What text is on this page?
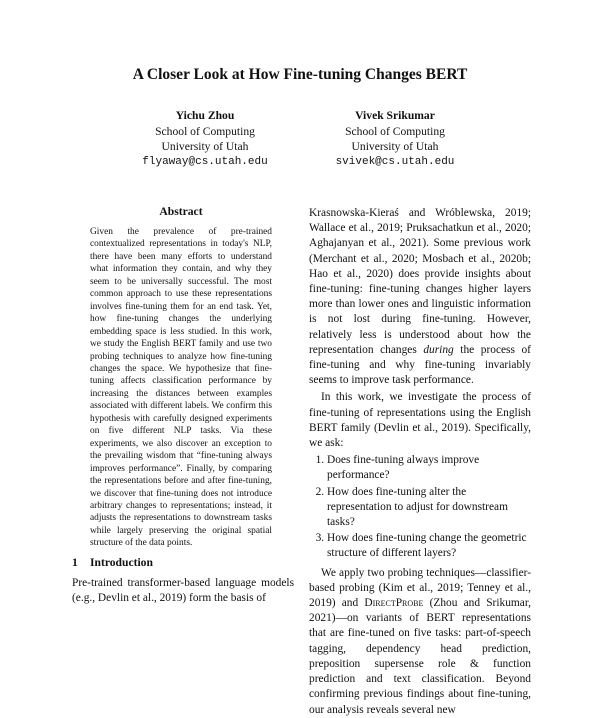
A Closer Look at How Fine-tuning Changes BERT
Yichu Zhou
School of Computing
University of Utah
flyaway@cs.utah.edu
Vivek Srikumar
School of Computing
University of Utah
svivek@cs.utah.edu
Abstract

Given the prevalence of pre-trained contextualized representations in today's NLP, there have been many efforts to understand what information they contain, and why they seem to be universally successful. The most common approach to use these representations involves fine-tuning them for an end task. Yet, how fine-tuning changes the underlying embedding space is less studied. In this work, we study the English BERT family and use two probing techniques to analyze how fine-tuning changes the space. We hypothesize that fine-tuning affects classification performance by increasing the distances between examples associated with different labels. We confirm this hypothesis with carefully designed experiments on five different NLP tasks. Via these experiments, we also discover an exception to the prevailing wisdom that “fine-tuning always improves performance”. Finally, by comparing the representations before and after fine-tuning, we discover that fine-tuning does not introduce arbitrary changes to representations; instead, it adjusts the representations to downstream tasks while largely preserving the original spatial structure of the data points.

1 Introduction

Pre-trained transformer-based language models (e.g., Devlin et al., 2019) form the basis of

Krasnowska-Kieraś and Wróblewska, 2019; Wallace et al., 2019; Pruksachatkun et al., 2020; Aghajanyan et al., 2021). Some previous work (Merchant et al., 2020; Mosbach et al., 2020b; Hao et al., 2020) does provide insights about fine-tuning: fine-tuning changes higher layers more than lower ones and linguistic information is not lost during fine-tuning. However, relatively less is understood about how the representation changes during the process of fine-tuning and why fine-tuning invariably seems to improve task performance.

In this work, we investigate the process of fine-tuning of representations using the English BERT family (Devlin et al., 2019). Specifically, we ask:

1. Does fine-tuning always improve performance?
2. How does fine-tuning alter the representation to adjust for downstream tasks?
3. How does fine-tuning change the geometric structure of different layers?

We apply two probing techniques—classifier-based probing (Kim et al., 2019; Tenney et al., 2019) and DirectProbe (Zhou and Srikumar, 2021)—on variants of BERT representations that are fine-tuned on five tasks: part-of-speech tagging, dependency head prediction, preposition supersense role & function prediction and text classification. Beyond confirming previous findings about fine-tuning, our analysis reveals several new
